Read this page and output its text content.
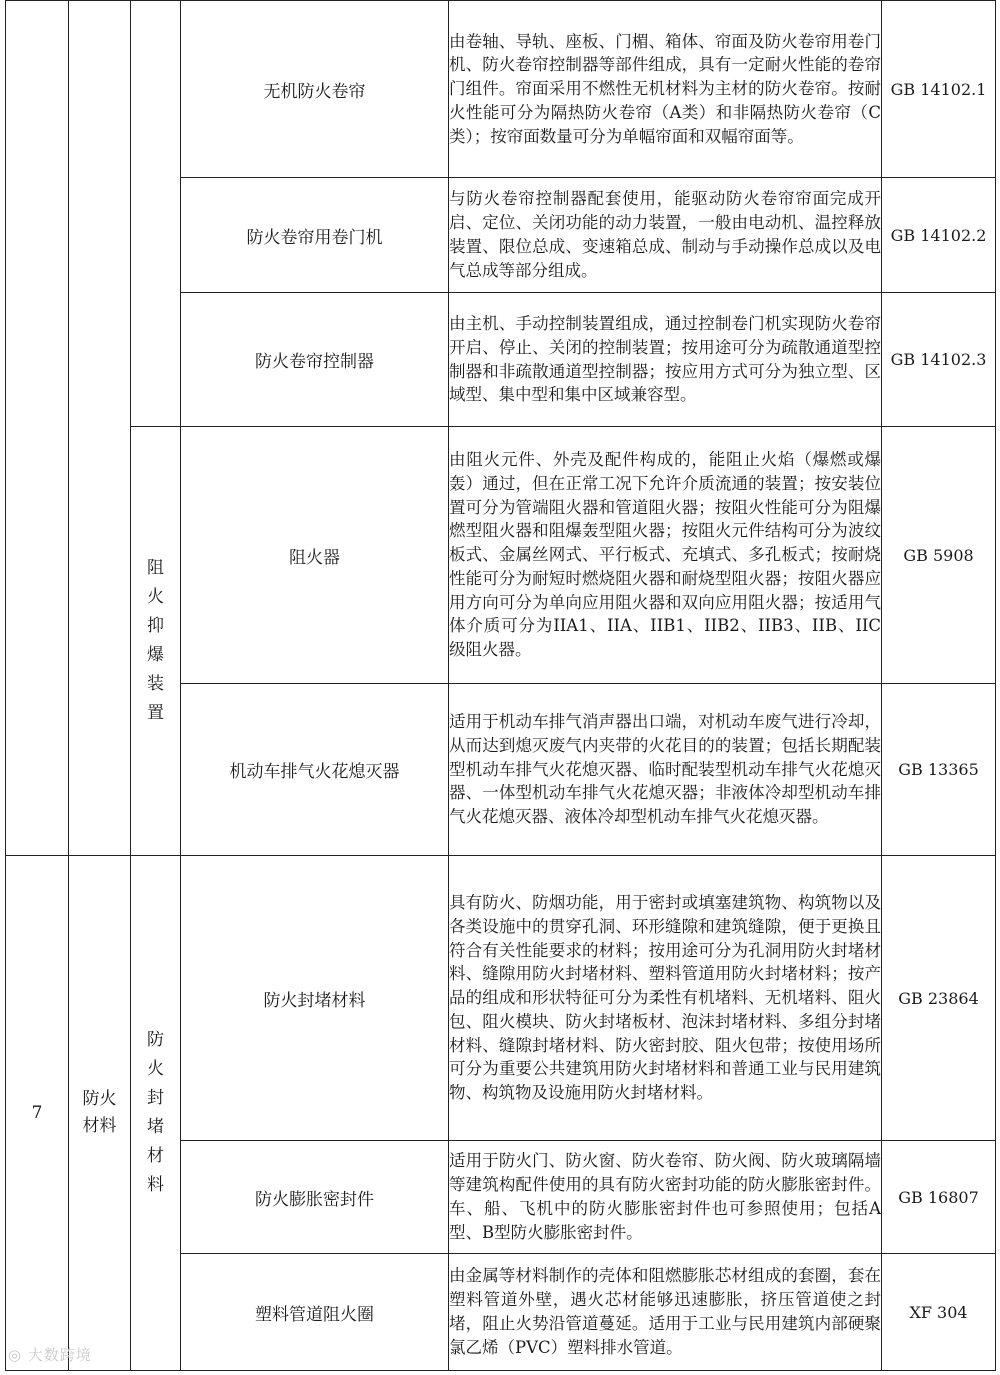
			无机防火卷帘	由卷轴、导轨、座板、门楣、箱体、帘面及防火卷帘用卷门机、防火卷帘控制器等部件组成，具有一定耐火性能的卷帘门组件。帘面采用不燃性无机材料为主材的防火卷帘。按耐火性能可分为隔热防火卷帘（A类）和非隔热防火卷帘（C类）；按帘面数量可分为单幅帘面和双幅帘面等。	GB 14102.1
			防火卷帘用卷门机	与防火卷帘控制器配套使用，能驱动防火卷帘帘面完成开启、定位、关闭功能的动力装置，一般由电动机、温控释放装置、限位总成、变速箱总成、制动与手动操作总成以及电气总成等部分组成。	GB 14102.2
			防火卷帘控制器	由主机、手动控制装置组成，通过控制卷门机实现防火卷帘开启、停止、关闭的控制装置；按用途可分为疏散通道型控制器和非疏散通道型控制器；按应用方式可分为独立型、区域型、集中型和集中区域兼容型。	GB 14102.3
		阻火抑爆装置	阻火器	由阻火元件、外壳及配件构成的，能阻止火焰（爆燃或爆轰）通过，但在正常工况下允许介质流通的装置；按安装位置可分为管端阻火器和管道阻火器；按阻火性能可分为阻爆燃型阻火器和阻爆轰型阻火器；按阻火元件结构可分为波纹板式、金属丝网式、平行板式、充填式、多孔板式；按耐烧性能可分为耐短时燃烧阻火器和耐烧型阻火器；按阻火器应用方向可分为单向应用阻火器和双向应用阻火器；按适用气体介质可分为IIA1、IIA、IIB1、IIB2、IIB3、IIB、IIC级阻火器。	GB 5908
			机动车排气火花熄灭器	适用于机动车排气消声器出口端，对机动车废气进行冷却，从而达到熄灭废气内夹带的火花目的的装置；包括长期配装型机动车排气火花熄灭器、临时配装型机动车排气火花熄灭器、一体型机动车排气火花熄灭器；非液体冷却型机动车排气火花熄灭器、液体冷却型机动车排气火花熄灭器。	GB 13365
7	防火材料	防火封堵材料	防火封堵材料	具有防火、防烟功能，用于密封或填塞建筑物、构筑物以及各类设施中的贯穿孔洞、环形缝隙和建筑缝隙，便于更换且符合有关性能要求的材料；按用途可分为孔洞用防火封堵材料、缝隙用防火封堵材料、塑料管道用防火封堵材料；按产品的组成和形状特征可分为柔性有机堵料、无机堵料、阻火包、阻火模块、防火封堵板材、泡沫封堵材料、多组分封堵材料、缝隙封堵材料、防火密封胶、阻火包带；按使用场所可分为重要公共建筑用防火封堵材料和普通工业与民用建筑物、构筑物及设施用防火封堵材料。	GB 23864
			防火膨胀密封件	适用于防火门、防火窗、防火卷帘、防火阀、防火玻璃隔墙等建筑构配件使用的具有防火密封功能的防火膨胀密封件。车、船、飞机中的防火膨胀密封件也可参照使用；包括A型、B型防火膨胀密封件。	GB 16807
			塑料管道阻火圈	由金属等材料制作的壳体和阻燃膨胀芯材组成的套圈，套在塑料管道外壁，遇火芯材能够迅速膨胀，挤压管道使之封堵，阻止火势沿管道蔓延。适用于工业与民用建筑内部硬聚氯乙烯（PVC）塑料排水管道。	XF 304
◎ 大数跨境
